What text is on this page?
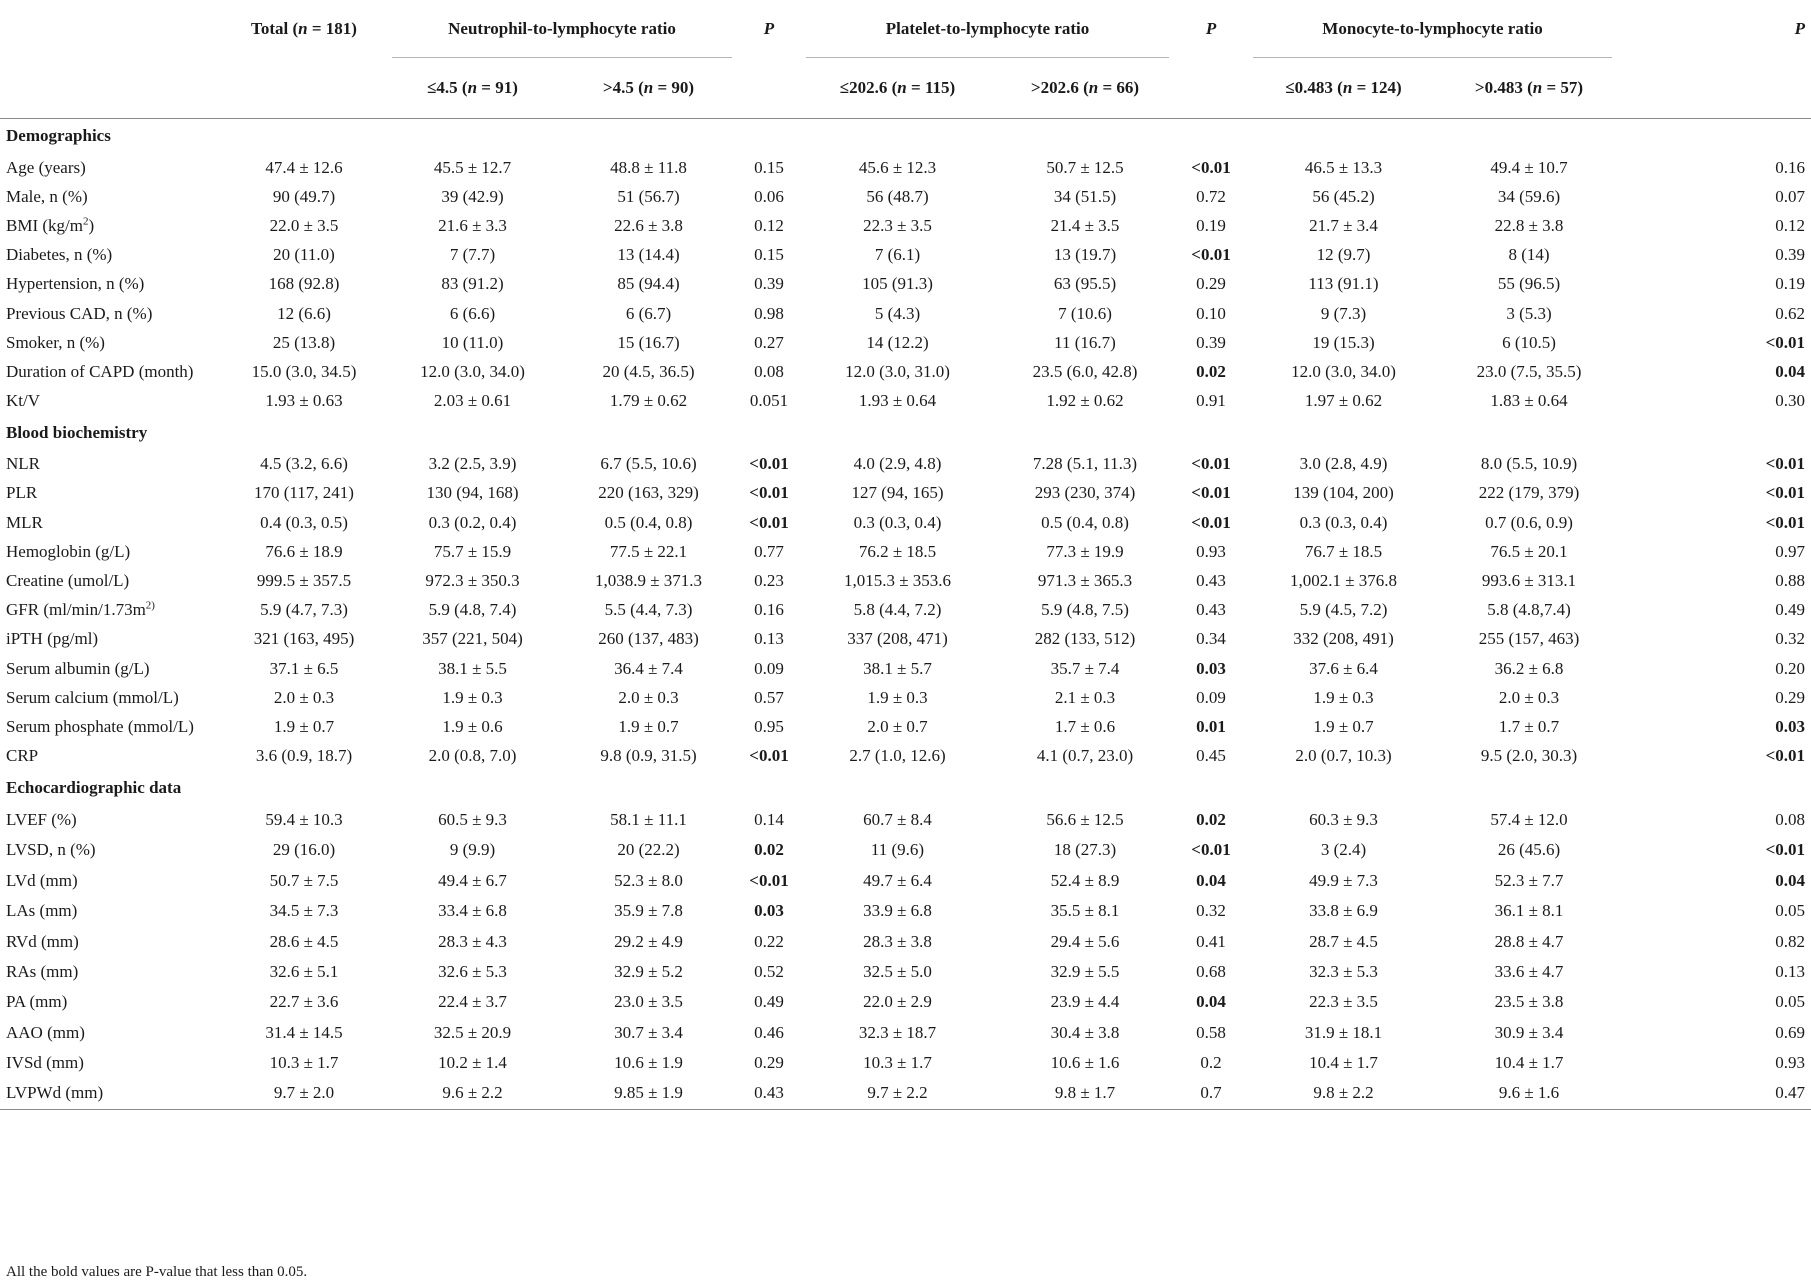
	Total (n = 181)	Neutrophil-to-lymphocyte ratio		P	Platelet-to-lymphocyte ratio		P	Monocyte-to-lymphocyte ratio		P
		≤4.5 (n = 91)	>4.5 (n = 90)		≤202.6 (n = 115)	>202.6 (n = 66)		≤0.483 (n = 124)	>0.483 (n = 57)	
Demographics										
Age (years)	47.4 ± 12.6	45.5 ± 12.7	48.8 ± 11.8	0.15	45.6 ± 12.3	50.7 ± 12.5	<0.01	46.5 ± 13.3	49.4 ± 10.7	0.16
Male, n (%)	90 (49.7)	39 (42.9)	51 (56.7)	0.06	56 (48.7)	34 (51.5)	0.72	56 (45.2)	34 (59.6)	0.07
BMI $(kg/m^2)$	22.0 ± 3.5	21.6 ± 3.3	22.6 ± 3.8	0.12	22.3 ± 3.5	21.4 ± 3.5	0.19	21.7 ± 3.4	22.8 ± 3.8	0.12
Diabetes, n (%)	20 (11.0)	7 (7.7)	13 (14.4)	0.15	7 (6.1)	13 (19.7)	<0.01	12 (9.7)	8 (14)	0.39
Hypertension, n (%)	168 (92.8)	83 (91.2)	85 (94.4)	0.39	105 (91.3)	63 (95.5)	0.29	113 (91.1)	55 (96.5)	0.19
Previous CAD, n (%)	12 (6.6)	6 (6.6)	6 (6.7)	0.98	5 (4.3)	7 (10.6)	0.10	9 (7.3)	3 (5.3)	0.62
Smoker, n (%)	25 (13.8)	10 (11.0)	15 (16.7)	0.27	14 (12.2)	11 (16.7)	0.39	19 (15.3)	6 (10.5)	<0.01
Duration of CAPD (month)	15.0 (3.0, 34.5)	12.0 (3.0, 34.0)	20 (4.5, 36.5)	0.08	12.0 (3.0, 31.0)	23.5 (6.0, 42.8)	0.02	12.0 (3.0, 34.0)	23.0 (7.5, 35.5)	0.04
Kt/V	1.93 ± 0.63	2.03 ± 0.61	1.79 ± 0.62	0.051	1.93 ± 0.64	1.92 ± 0.62	0.91	1.97 ± 0.62	1.83 ± 0.64	0.30
Blood biochemistry										
NLR	4.5 (3.2, 6.6)	3.2 (2.5, 3.9)	6.7 (5.5, 10.6)	<0.01	4.0 (2.9, 4.8)	7.28 (5.1, 11.3)	<0.01	3.0 (2.8, 4.9)	8.0 (5.5, 10.9)	<0.01
PLR	170 (117, 241)	130 (94, 168)	220 (163, 329)	<0.01	127 (94, 165)	293 (230, 374)	<0.01	139 (104, 200)	222 (179, 379)	<0.01
MLR	0.4 (0.3, 0.5)	0.3 (0.2, 0.4)	0.5 (0.4, 0.8)	<0.01	0.3 (0.3, 0.4)	0.5 (0.4, 0.8)	<0.01	0.3 (0.3, 0.4)	0.7 (0.6, 0.9)	<0.01
Hemoglobin (g/L)	76.6 ± 18.9	75.7 ± 15.9	77.5 ± 22.1	0.77	76.2 ± 18.5	77.3 ± 19.9	0.93	76.7 ± 18.5	76.5 ± 20.1	0.97
Creatine (umol/L)	999.5 ± 357.5	972.3 ± 350.3	1,038.9 ± 371.3	0.23	1,015.3 ± 353.6	971.3 ± 365.3	0.43	1,002.1 ± 376.8	993.6 ± 313.1	0.88
GFR ($ml/\min/1.73m^{2)}$	5.9 (4.7, 7.3)	5.9 (4.8, 7.4)	5.5 (4.4, 7.3)	0.16	5.8 (4.4, 7.2)	5.9 (4.8, 7.5)	0.43	5.9 (4.5, 7.2)	5.8 (4.8,7.4)	0.49
iPTH (pg/ml)	321 (163, 495)	357 (221, 504)	260 (137, 483)	0.13	337 (208, 471)	282 (133, 512)	0.34	332 (208, 491)	255 (157, 463)	0.32
Serum albumin (g/L)	37.1 ± 6.5	38.1 ± 5.5	36.4 ± 7.4	0.09	38.1 ± 5.7	35.7 ± 7.4	0.03	37.6 ± 6.4	36.2 ± 6.8	0.20
Serum calcium (mmol/L)	2.0 ± 0.3	1.9 ± 0.3	2.0 ± 0.3	0.57	1.9 ± 0.3	2.1 ± 0.3	0.09	1.9 ± 0.3	2.0 ± 0.3	0.29
Serum phosphate (mmol/L)	1.9 ± 0.7	1.9 ± 0.6	1.9 ± 0.7	0.95	2.0 ± 0.7	1.7 ± 0.6	0.01	1.9 ± 0.7	1.7 ± 0.7	0.03
CRP	3.6 (0.9, 18.7)	2.0 (0.8, 7.0)	9.8 (0.9, 31.5)	<0.01	2.7 (1.0, 12.6)	4.1 (0.7, 23.0)	0.45	2.0 (0.7, 10.3)	9.5 (2.0, 30.3)	<0.01
Echocardiographic data										
LVEF (%)	59.4 ± 10.3	60.5 ± 9.3	58.1 ± 11.1	0.14	60.7 ± 8.4	56.6 ± 12.5	0.02	60.3 ± 9.3	57.4 ± 12.0	0.08
LVSD, n (%)	29 (16.0)	9 (9.9)	20 (22.2)	0.02	11 (9.6)	18 (27.3)	<0.01	3 (2.4)	26 (45.6)	<0.01
LVd (mm)	50.7 ± 7.5	49.4 ± 6.7	52.3 ± 8.0	<0.01	49.7 ± 6.4	52.4 ± 8.9	0.04	49.9 ± 7.3	52.3 ± 7.7	0.04
LAs (mm)	34.5 ± 7.3	33.4 ± 6.8	35.9 ± 7.8	0.03	33.9 ± 6.8	35.5 ± 8.1	0.32	33.8 ± 6.9	36.1 ± 8.1	0.05
RVd (mm)	28.6 ± 4.5	28.3 ± 4.3	29.2 ± 4.9	0.22	28.3 ± 3.8	29.4 ± 5.6	0.41	28.7 ± 4.5	28.8 ± 4.7	0.82
RAs (mm)	32.6 ± 5.1	32.6 ± 5.3	32.9 ± 5.2	0.52	32.5 ± 5.0	32.9 ± 5.5	0.68	32.3 ± 5.3	33.6 ± 4.7	0.13
PA (mm)	22.7 ± 3.6	22.4 ± 3.7	23.0 ± 3.5	0.49	22.0 ± 2.9	23.9 ± 4.4	0.04	22.3 ± 3.5	23.5 ± 3.8	0.05
AAO (mm)	31.4 ± 14.5	32.5 ± 20.9	30.7 ± 3.4	0.46	32.3 ± 18.7	30.4 ± 3.8	0.58	31.9 ± 18.1	30.9 ± 3.4	0.69
IVSd (mm)	10.3 ± 1.7	10.2 ± 1.4	10.6 ± 1.9	0.29	10.3 ± 1.7	10.6 ± 1.6	0.2	10.4 ± 1.7	10.4 ± 1.7	0.93
LVPWd (mm)	9.7 ± 2.0	9.6 ± 2.2	9.85 ± 1.9	0.43	9.7 ± 2.2	9.8 ± 1.7	0.7	9.8 ± 2.2	9.6 ± 1.6	0.47
All the bold values are P-value that less than 0.05.
